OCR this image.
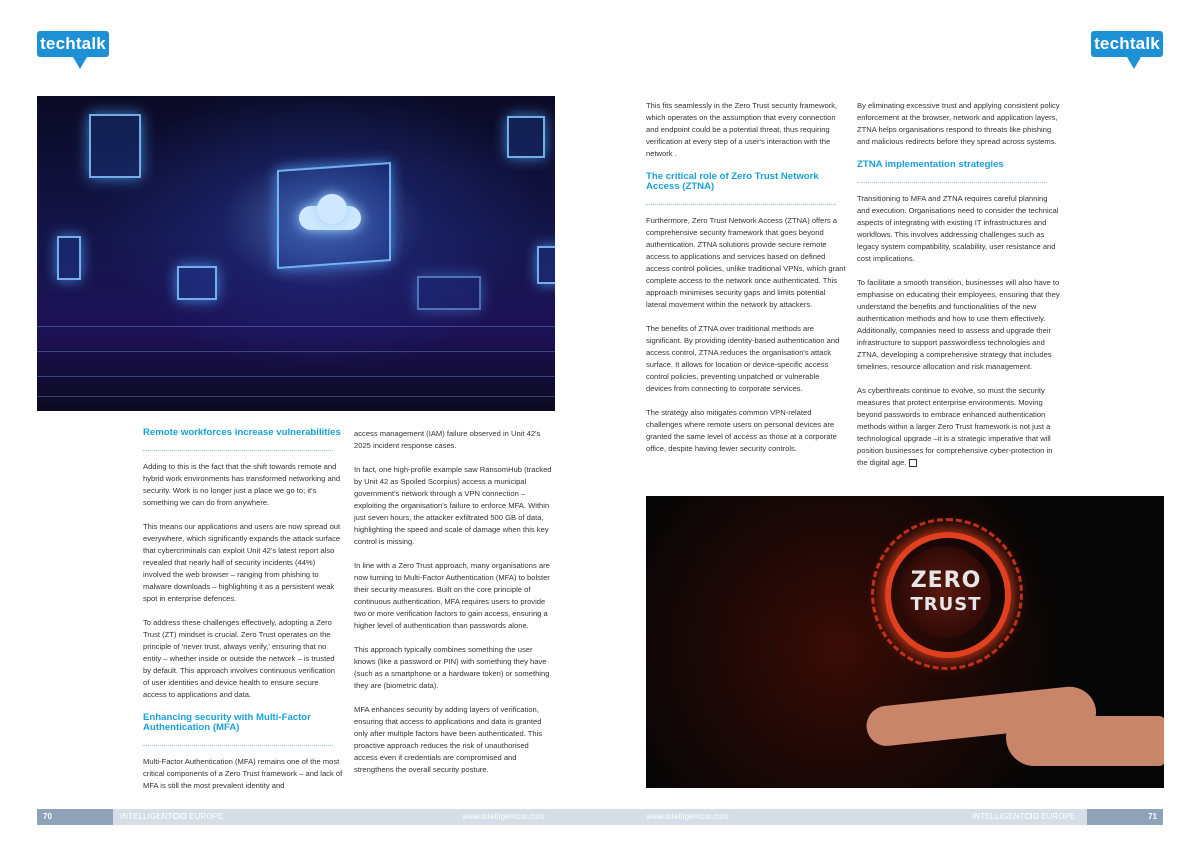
techtalk	techtalk
Remote workforces increase vulnerabilities

Adding to this is the fact that the shift towards remote and hybrid work environments has transformed networking and security. Work is no longer just a place we go to; it's something we can do from anywhere.

This means our applications and users are now spread out everywhere, which significantly expands the attack surface that cybercriminals can exploit Unit 42's latest report also revealed that nearly half of security incidents (44%) involved the web browser – ranging from phishing to malware downloads – highlighting it as a persistent weak spot in enterprise defences.

To address these challenges effectively, adopting a Zero Trust (ZT) mindset is crucial. Zero Trust operates on the principle of 'never trust, always verify,' ensuring that no entity – whether inside or outside the network – is trusted by default. This approach involves continuous verification of user identities and device health to ensure secure access to applications and data.

Enhancing security with Multi-Factor Authentication (MFA)

Multi-Factor Authentication (MFA) remains one of the most critical components of a Zero Trust framework – and lack of MFA is still the most prevalent identity and

access management (IAM) failure observed in Unit 42's 2025 incident response cases.

In fact, one high-profile example saw RansomHub (tracked by Unit 42 as Spoiled Scorpius) access a municipal government's network through a VPN connection – exploiting the organisation's failure to enforce MFA. Within just seven hours, the attacker exfiltrated 500 GB of data, highlighting the speed and scale of damage when this key control is missing.

In line with a Zero Trust approach, many organisations are now turning to Multi-Factor Authentication (MFA) to bolster their security measures. Built on the core principle of continuous authentication, MFA requires users to provide two or more verification factors to gain access, ensuring a higher level of authentication than passwords alone.

This approach typically combines something the user knows (like a password or PIN) with something they have (such as a smartphone or a hardware token) or something they are (biometric data).

MFA enhances security by adding layers of verification, ensuring that access to applications and data is granted only after multiple factors have been authenticated. This proactive approach reduces the risk of unauthorised access even if credentials are compromised and strengthens the overall security posture.

This fits seamlessly in the Zero Trust security framework, which operates on the assumption that every connection and endpoint could be a potential threat, thus requiring verification at every step of a user's interaction with the network .

The critical role of Zero Trust Network Access (ZTNA)

Furthermore, Zero Trust Network Access (ZTNA) offers a comprehensive security framework that goes beyond authentication. ZTNA solutions provide secure remote access to applications and services based on defined access control policies, unlike traditional VPNs, which grant complete access to the network once authenticated. This approach minimises security gaps and limits potential lateral movement within the network by attackers.

The benefits of ZTNA over traditional methods are significant. By providing identity-based authentication and access control, ZTNA reduces the organisation's attack surface. It allows for location or device-specific access control policies, preventing unpatched or vulnerable devices from connecting to corporate services.

The strategy also mitigates common VPN-related challenges where remote users on personal devices are granted the same level of access as those at a corporate office, despite having fewer security controls.

By eliminating excessive trust and applying consistent policy enforcement at the browser, network and application layers, ZTNA helps organisations respond to threats like phishing and malicious redirects before they spread across systems.

ZTNA implementation strategies

Transitioning to MFA and ZTNA requires careful planning and execution. Organisations need to consider the technical aspects of integrating with existing IT infrastructures and workflows. This involves addressing challenges such as legacy system compatibility, scalability, user resistance and cost implications.

To facilitate a smooth transition, businesses will also have to emphasise on educating their employees, ensuring that they understand the benefits and functionalities of the new authentication methods and how to use them effectively. Additionally, companies need to assess and upgrade their infrastructure to support passwordless technologies and ZTNA, developing a comprehensive strategy that includes timelines, resource allocation and risk management.

As cyberthreats continue to evolve, so must the security measures that protect enterprise environments. Moving beyond passwords to embrace enhanced authentication methods within a larger Zero Trust framework is not just a technological upgrade –it is a strategic imperative that will position businesses for comprehensive cyber-protection in the digital age.

ZERO
TRUST
70	INTELLIGENTCIO EUROPE	www.intelligentcio.com	www.intelligentcio.com	INTELLIGENTCIO EUROPE	71
